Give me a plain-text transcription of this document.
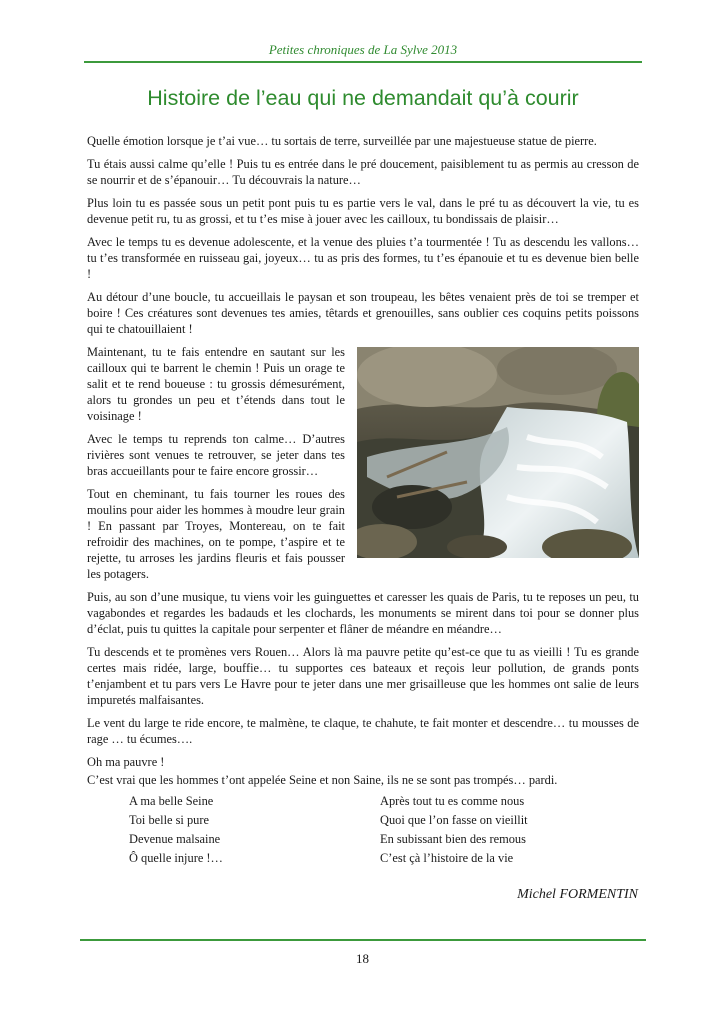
Petites chroniques de La Sylve 2013
Histoire de l’eau qui ne demandait qu’à courir

Quelle émotion lorsque je t’ai vue… tu sortais de terre, surveillée par une majestueuse statue de pierre.

Tu étais aussi calme qu’elle ! Puis tu es entrée dans le pré doucement, paisiblement tu as permis au cresson de se nourrir et de s’épanouir… Tu découvrais la nature…

Plus loin tu es passée sous un petit pont puis tu es partie vers le val, dans le pré tu as découvert la vie, tu es devenue petit ru, tu as grossi, et tu t’es mise à jouer avec les cailloux, tu bondissais de plaisir…

Avec le temps tu es devenue adolescente, et la venue des pluies t’a tourmentée ! Tu as descendu les vallons… tu t’es transformée en ruisseau gai, joyeux… tu as pris des formes, tu t’es épanouie et tu es devenue bien belle !

Au détour d’une boucle, tu accueillais le paysan et son troupeau, les bêtes venaient près de toi se tremper et boire ! Ces créatures sont devenues tes amies, têtards et grenouilles, sans oublier ces coquins petits poissons qui te chatouillaient !

Maintenant, tu te fais entendre en sautant sur les cailloux qui te barrent le chemin ! Puis un orage te salit et te rend boueuse : tu grossis démesurément, alors tu grondes un peu et t’étends dans tout le voisinage !

Avec le temps tu reprends ton calme… D’autres rivières sont venues te retrouver, se jeter dans tes bras accueillants pour te faire encore grossir…

Tout en cheminant, tu fais tourner les roues des moulins pour aider les hommes à moudre leur grain ! En passant par Troyes, Montereau, on te fait refroidir des machines, on te pompe, t’aspire et te rejette, tu arroses les jardins fleuris et fais pousser les potagers.

Puis, au son d’une musique, tu viens voir les guinguettes et caresser les quais de Paris, tu te reposes un peu, tu vagabondes et regardes les badauds et les clochards, les monuments se mirent dans toi pour se donner plus d’éclat, puis tu quittes la capitale pour serpenter et flâner de méandre en méandre…

Tu descends et te promènes vers Rouen… Alors là ma pauvre petite qu’est-ce que tu as vieilli ! Tu es grande certes mais ridée, large, bouffie… tu supportes ces bateaux et reçois leur pollution, de grands ponts t’enjambent et tu pars vers Le Havre pour te jeter dans une mer grisailleuse que les hommes ont salie de leurs impuretés malfaisantes.

Le vent du large te ride encore, te malmène, te claque, te chahute, te fait monter et descendre… tu mousses de rage … tu écumes….

Oh ma pauvre !

C’est vrai que les hommes t’ont appelée Seine et non Saine, ils ne se sont pas trompés… pardi.

A ma belle Seine
Toi belle si pure
Devenue malsaine
Ô quelle injure !…
Après tout tu es comme nous
Quoi que l’on fasse on vieillit
En subissant bien des remous
C’est çà l’histoire de la vie
Michel FORMENTIN
18
